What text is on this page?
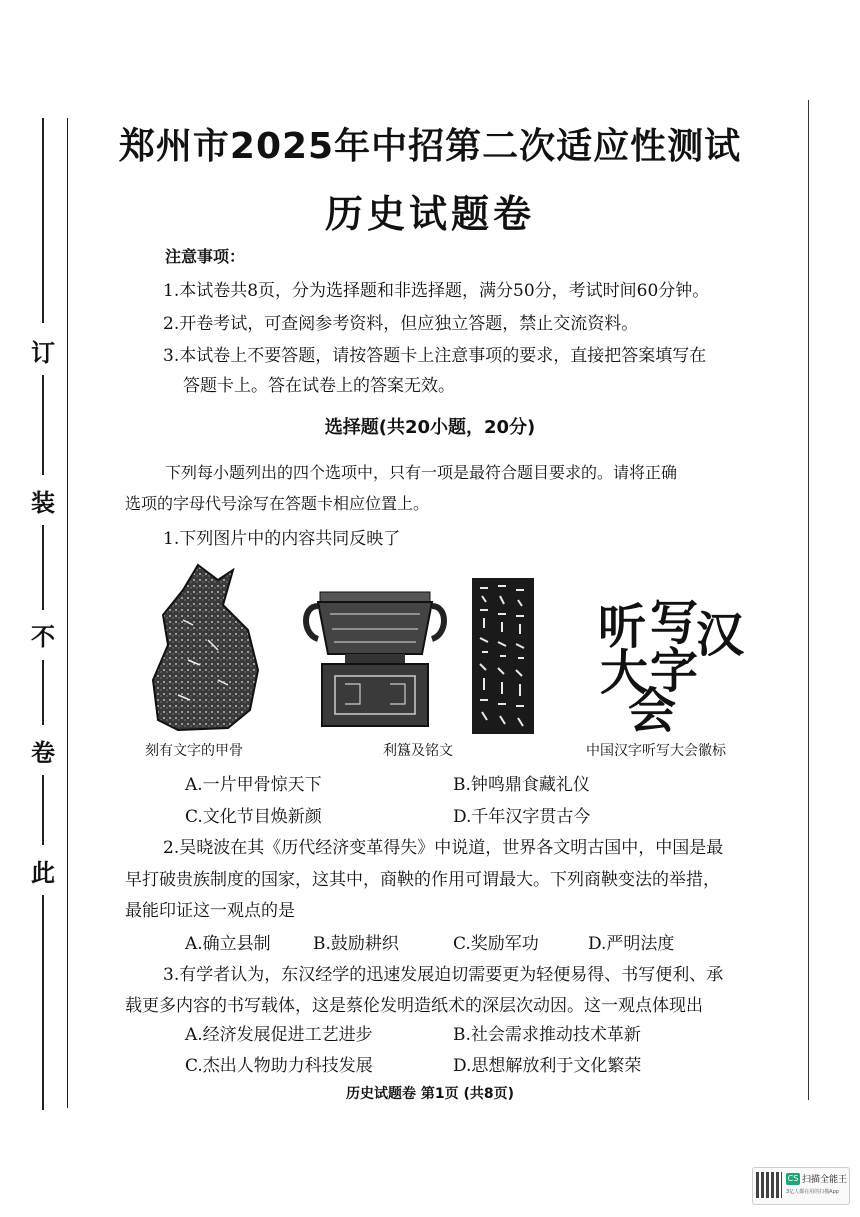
订
装
不
卷
此
郑州市2025年中招第二次适应性测试
历史试题卷
注意事项：
1.本试卷共8页，分为选择题和非选择题，满分50分，考试时间60分钟。
2.开卷考试，可查阅参考资料，但应独立答题，禁止交流资料。
3.本试卷上不要答题，请按答题卡上注意事项的要求，直接把答案填写在
答题卡上。答在试卷上的答案无效。
选择题(共20小题，20分)
下列每小题列出的四个选项中，只有一项是最符合题目要求的。请将正确
选项的字母代号涂写在答题卡相应位置上。
1.下列图片中的内容共同反映了
听 写
汉
大 字
会
刻有文字的甲骨	利簋及铭文	中国汉字听写大会徽标
A.一片甲骨惊天下	B.钟鸣鼎食藏礼仪
C.文化节目焕新颜	D.千年汉字贯古今
2.吴晓波在其《历代经济变革得失》中说道，世界各文明古国中，中国是最
早打破贵族制度的国家，这其中，商鞅的作用可谓最大。下列商鞅变法的举措，
最能印证这一观点的是
A.确立县制 B.鼓励耕织	C.奖励军功	D.严明法度
3.有学者认为，东汉经学的迅速发展迫切需要更为轻便易得、书写便利、承
载更多内容的书写载体，这是蔡伦发明造纸术的深层次动因。这一观点体现出
A.经济发展促进工艺进步	B.社会需求推动技术革新
C.杰出人物助力科技发展	D.思想解放利于文化繁荣
历史试题卷 第1页 (共8页)
CS 扫描全能王
3亿人都在用的扫描App
